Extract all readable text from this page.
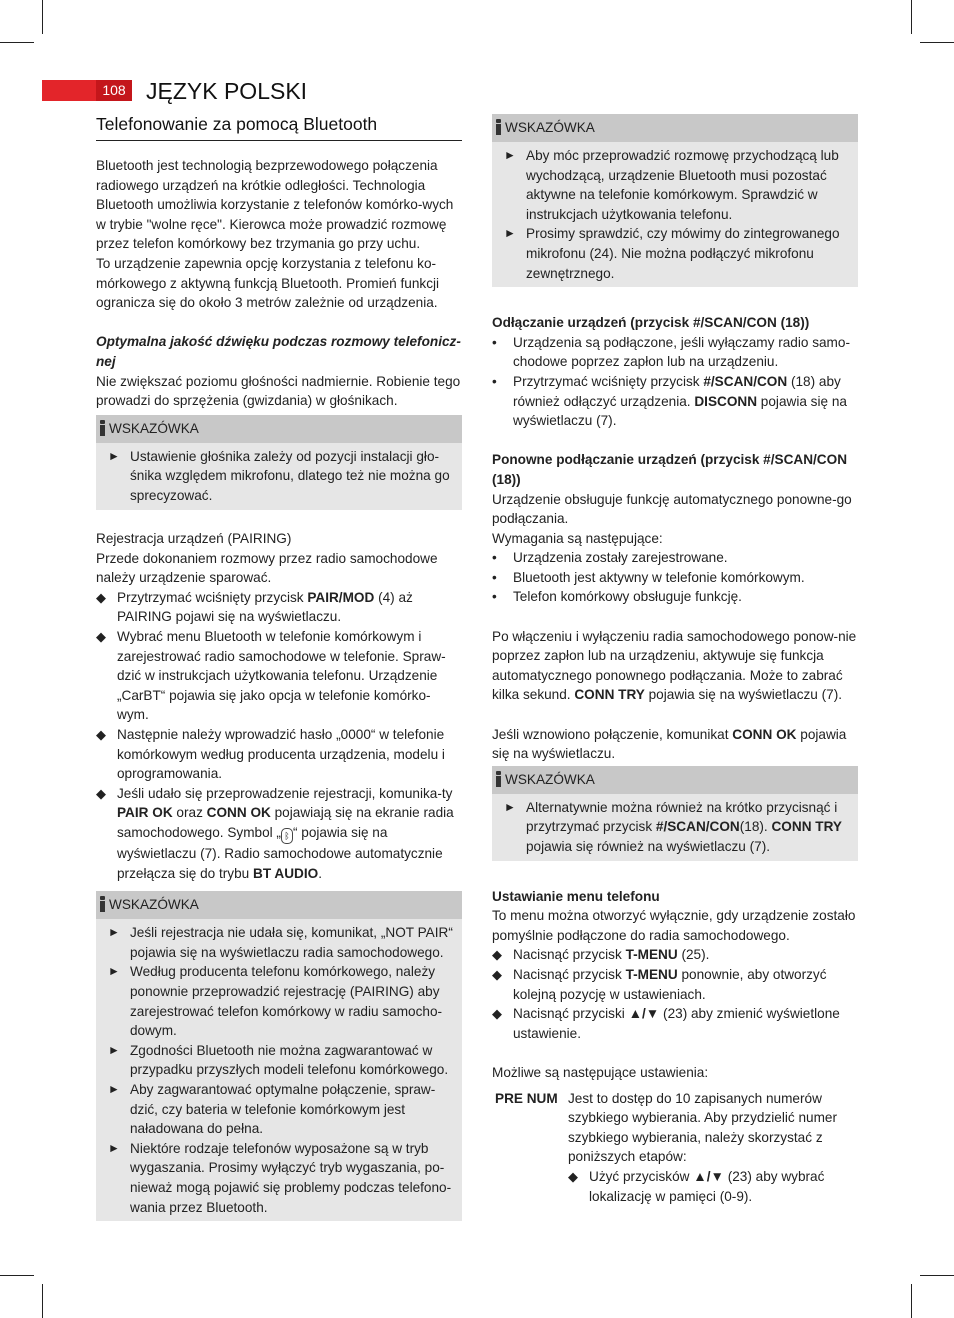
108 JĘZYK POLSKI
Telefonowanie za pomocą Bluetooth

Bluetooth jest technologią bezprzewodowego połączenia radiowego urządzeń na krótkie odległości. Technologia Bluetooth umożliwia korzystanie z telefonów komórko-wych w trybie "wolne ręce". Kierowca może prowadzić rozmowę przez telefon komórkowy bez trzymania go przy uchu.

To urządzenie zapewnia opcję korzystania z telefonu ko-mórkowego z aktywną funkcją Bluetooth. Promień funkcji ogranicza się do około 3 metrów zależnie od urządzenia.

Optymalna jakość dźwięku podczas rozmowy telefonicz-nej

Nie zwiększać poziomu głośności nadmiernie. Robienie tego prowadzi do sprzężenia (gwizdania) w głośnikach.

WSKAZÓWKA
► Ustawienie głośnika zależy od pozycji instalacji gło-śnika względem mikrofonu, dlatego też nie można go sprecyzować.

Rejestracja urządzeń (PAIRING)

Przede dokonaniem rozmowy przez radio samochodowe należy urządzenie sparować.

◆ Przytrzymać wciśnięty przycisk PAIR/MOD (4) aż PAIRING pojawi się na wyświetlaczu.
◆ Wybrać menu Bluetooth w telefonie komórkowym i zarejestrować radio samochodowe w telefonie. Spraw-dzić w instrukcjach użytkowania telefonu. Urządzenie „CarBT“ pojawia się jako opcja w telefonie komórko-wym.
◆ Następnie należy wprowadzić hasło „0000“ w telefonie komórkowym według producenta urządzenia, modelu i oprogramowania.
◆ Jeśli udało się przeprowadzenie rejestracji, komunika-ty PAIR OK oraz CONN OK pojawiają się na ekranie radia samochodowego. Symbol „ ᛒ “ pojawia się na wyświetlaczu (7). Radio samochodowe automatycznie przełącza się do trybu BT AUDIO.
WSKAZÓWKA
► Jeśli rejestracja nie udała się, komunikat, „NOT PAIR“ pojawia się na wyświetlaczu radia samochodowego.
► Według producenta telefonu komórkowego, należy ponownie przeprowadzić rejestrację (PAIRING) aby zarejestrować telefon komórkowy w radiu samocho-dowym.
► Zgodności Bluetooth nie można zagwarantować w przypadku przyszłych modeli telefonu komórkowego.
► Aby zagwarantować optymalne połączenie, spraw-dzić, czy bateria w telefonie komórkowym jest naładowana do pełna.
► Niektóre rodzaje telefonów wyposażone są w tryb wygaszania. Prosimy wyłączyć tryb wygaszania, po-nieważ mogą pojawić się problemy podczas telefono-wania przez Bluetooth.
WSKAZÓWKA
► Aby móc przeprowadzić rozmowę przychodzącą lub wychodzącą, urządzenie Bluetooth musi pozostać aktywne na telefonie komórkowym. Sprawdzić w instrukcjach użytkowania telefonu.
► Prosimy sprawdzić, czy mówimy do zintegrowanego mikrofonu (24). Nie można podłączyć mikrofonu zewnętrznego.

Odłączanie urządzeń (przycisk #/SCAN/CON (18))

•	Urządzenia są podłączone, jeśli wyłączamy radio samo-chodowe poprzez zapłon lub na urządzeniu.
•	Przytrzymać wciśnięty przycisk #/SCAN/CON (18) aby również odłączyć urządzenia. DISCONN pojawia się na wyświetlaczu (7).

Ponowne podłączanie urządzeń (przycisk #/SCAN/CON (18))

Urządzenie obsługuje funkcję automatycznego ponowne-go podłączania.

Wymagania są następujące:

•	Urządzenia zostały zarejestrowane.
•	Bluetooth jest aktywny w telefonie komórkowym.
•	Telefon komórkowy obsługuje funkcję.

Po włączeniu i wyłączeniu radia samochodowego ponow-nie poprzez zapłon lub na urządzeniu, aktywuje się funkcja automatycznego ponownego podłączania. Może to zabrać kilka sekund. CONN TRY pojawia się na wyświetlaczu (7).

Jeśli wznowiono połączenie, komunikat CONN OK pojawia się na wyświetlaczu.

WSKAZÓWKA
► Alternatywnie można również na krótko przycisnąć i przytrzymać przycisk #/SCAN/CON(18). CONN TRY pojawia się również na wyświetlaczu (7).

Ustawianie menu telefonu

To menu można otworzyć wyłącznie, gdy urządzenie zostało pomyślnie podłączone do radia samochodowego.

◆ Nacisnąć przycisk T-MENU (25).
◆ Nacisnąć przycisk T-MENU ponownie, aby otworzyć kolejną pozycję w ustawieniach.
◆ Nacisnąć przyciski ▲/▼ (23) aby zmienić wyświetlone ustawienie.

Możliwe są następujące ustawienia:

PRE NUM Jest to dostęp do 10 zapisanych numerów szybkiego wybierania. Aby przydzielić numer szybkiego wybierania, należy skorzystać z poniższych etapów:
◆ Użyć przycisków ▲/▼ (23) aby wybrać lokalizację w pamięci (0-9).
